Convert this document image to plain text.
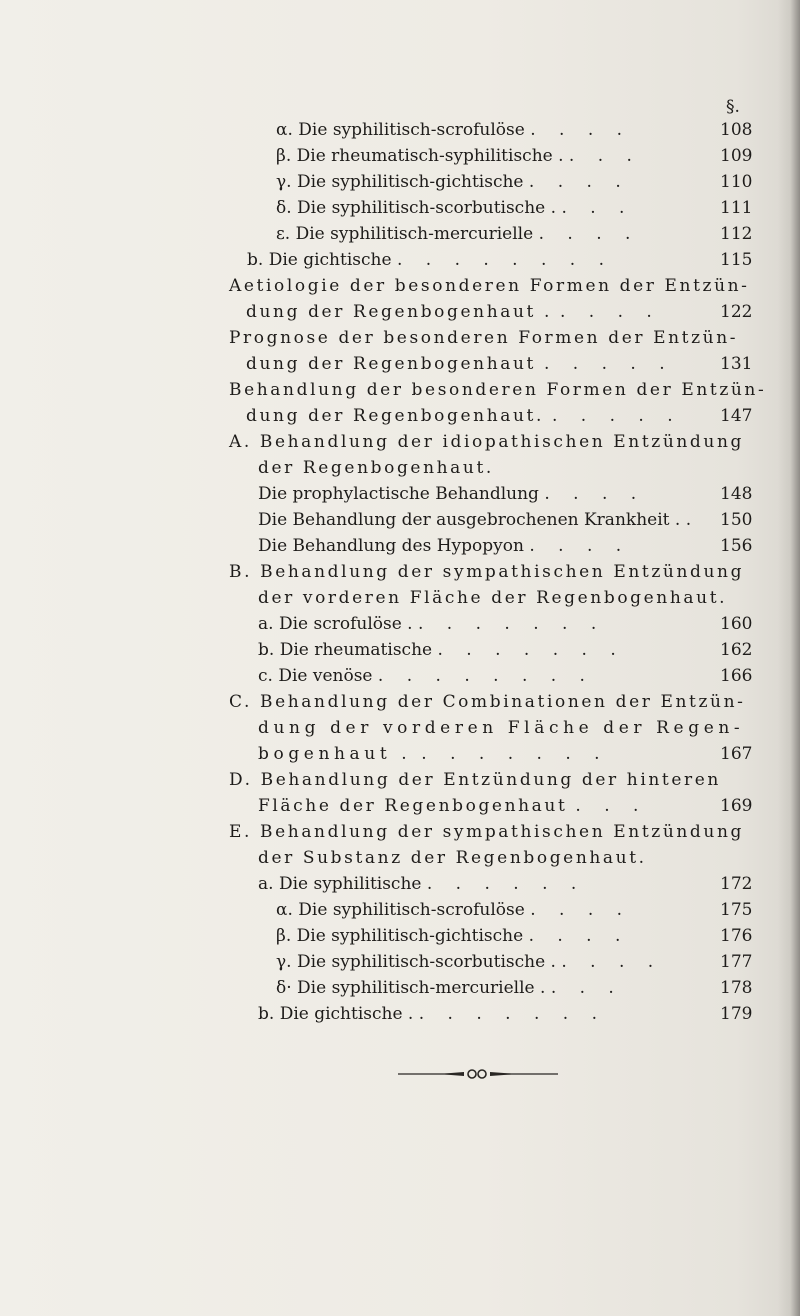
§.
α. Die syphilitisch-scrofulöse . . . .	108
β. Die rheumatisch-syphilitische . . . .	109
γ. Die syphilitisch-gichtische . . . .	110
δ. Die syphilitisch-scorbutische . . . .	111
ε. Die syphilitisch-mercurielle . . . .	112
b. Die gichtische . . . . . . . .	115
Aetiologie der besonderen Formen der Entzün-
dung der Regenbogenhaut . . . . .	122
Prognose der besonderen Formen der Entzün-
dung der Regenbogenhaut . . . . .	131
Behandlung der besonderen Formen der Entzün-
dung der Regenbogenhaut. . . . . . 147
A. Behandlung der idiopathischen Entzündung
der Regenbogenhaut.
Die prophylactische Behandlung . . . .	148
Die Behandlung der ausgebrochenen Krankheit . . 150
Die Behandlung des Hypopyon . . . .	156
B. Behandlung der sympathischen Entzündung
der vorderen Fläche der Regenbogenhaut.
a. Die scrofulöse . . . . . . . .	160
b. Die rheumatische . . . . . . .	162
c. Die venöse . . . . . . . .	166
C. Behandlung der Combinationen der Entzün-
dung der vorderen Fläche der Regen-
bogenhaut . . . . . . . .	167
D. Behandlung der Entzündung der hinteren
Fläche der Regenbogenhaut . . .	169
E. Behandlung der sympathischen Entzündung
der Substanz der Regenbogenhaut.
a. Die syphilitische . . . . . .	172
α. Die syphilitisch-scrofulöse . . . .	175
β. Die syphilitisch-gichtische . . . .	176
γ. Die syphilitisch-scorbutische . . . . .	177
δ· Die syphilitisch-mercurielle . . . .	178
b. Die gichtische . . . . . . . .	179
